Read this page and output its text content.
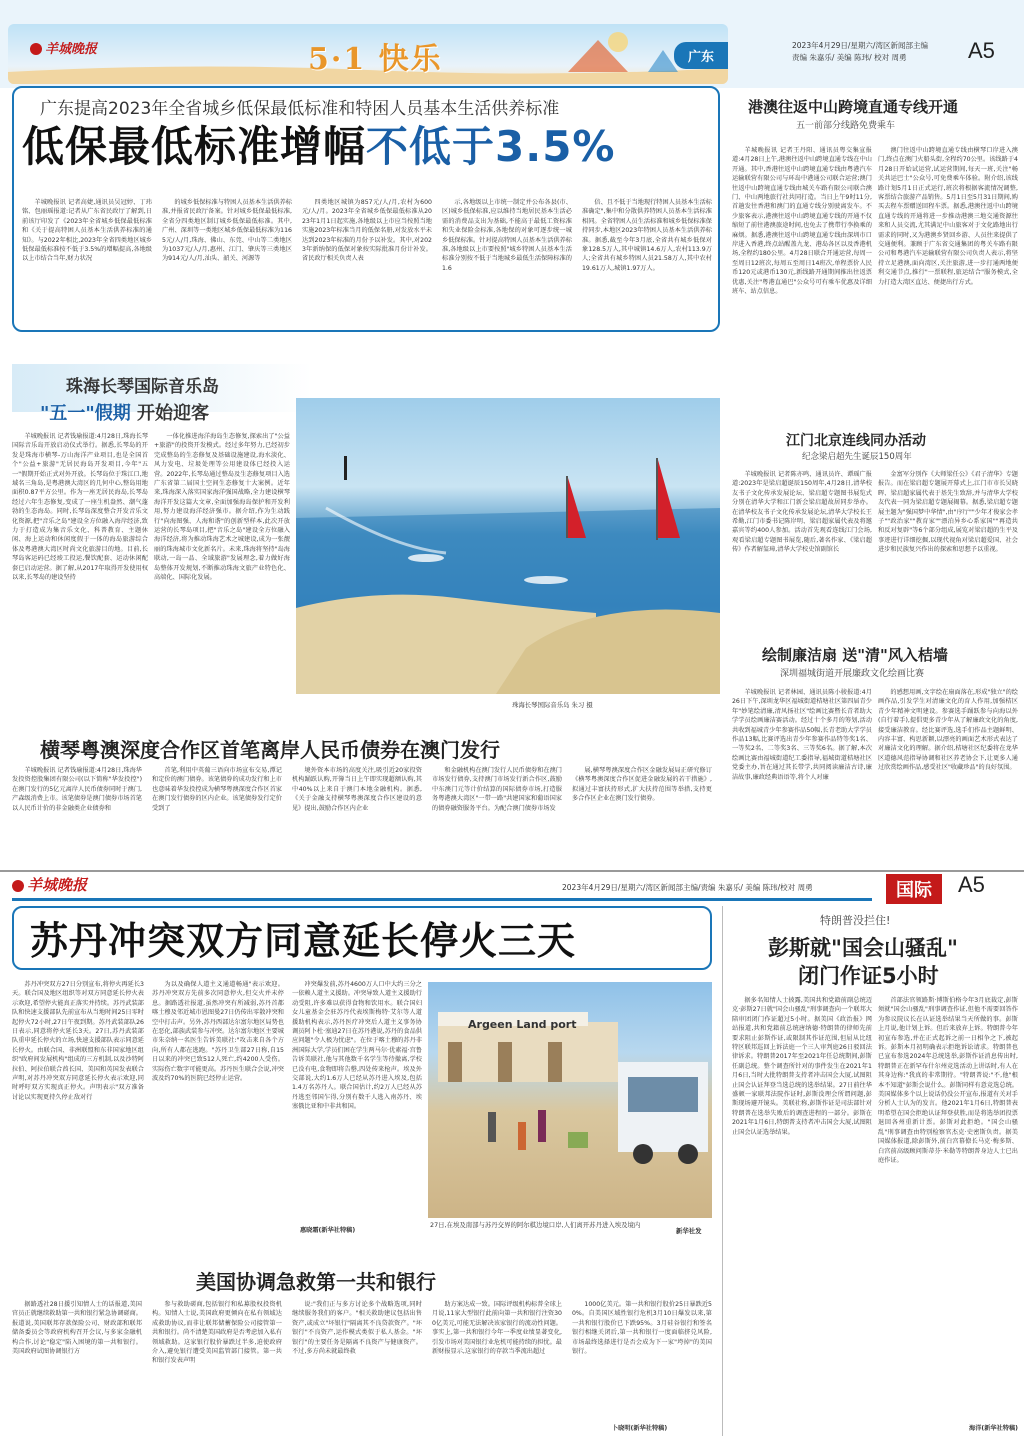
羊城晚报	5·1 快乐	广东
2023年4月29日/星期六/湾区新闻部主编
责编 朱嘉乐/ 美编 陈玮/ 校对 周勇	A5
广东提高2023年全省城乡低保最低标准和特困人员基本生活供养标准
低保最低标准增幅不低于3.5%

羊城晚报讯 记者高婕,通讯员吴冠婷、丁玮铭、包丽瑶报道:记者从广东省民政厅了解到,日前该厅印发了《2023年全省城乡低保最低标准和《关于提高特困人员基本生活供养标准的通知》。与2022年相比,2023年全省四类地区城乡低保最低标准按不低于3.5%的增幅提高,各地级以上市结合当年,财力状况

的城乡低保标准与特困人员基本生活供养标准,并报省民政厅备案。针对城乡低保最低标准,全省分四类地区制订城乡低保最低标准。其中,广州、深圳等一类地区城乡低保最低标准为1165元/人/月,珠海、佛山、东莞、中山等二类地区为1037元/人/月,惠州、江门、肇庆等三类地区为914元/人/月,汕头、韶关、河源等

四类地区城镇为857元/人/月,农村为600元/人/月。2023年全省城乡低保最低标准从2023年1月1日起实施,各地级以上市应当按照当地实施2023年标准当月的低保名册,对发放水平未达到2023年标准的月份予以补发。其中,对2023年新纳保的低保对象按实际批准月份计补发。省民政厅相关负责人表

示,各地级以上市统一制定并公布各县(市、区)城乡低保标准,应以维持当地居民基本生活必需的消费品支出为基础,不能高于最低工资标准和失业保险金标准,各地保的对象可逐步统一城乡低保标准。针对提高特困人员基本生活供养标准,各地级以上市要按照"城乡特困人员基本生活标准分别按不低于当地城乡最低生活保障标准的1.6

倍、且不低于当地现行特困人员基本生活标准确定",集中和分散供养特困人员基本生活标准相同。全省特困人员生活标准和城乡低保标准保持同步,本地区2023年特困人员基本生活供养标准。据悉,截至今年3月底,全省共有城乡低保对象128.5万人,其中城镇14.6万人,农村113.9万人;全省共有城乡特困人员21.58万人,其中农村19.61万人,城镇1.97万人。

珠海长琴国际音乐岛
"五一"假期 开始迎客

羊城晚报讯 记者钱瑜报道:4月28日,珠海长琴国际音乐岛开放启动仪式举行。据悉,长琴岛的开发是珠海市横琴-万山海洋产业项目,也是全国首个"公益+旅游"无居民海岛开发项目,今年"五一"假期开始正式对外开放。长琴岛位于珠江口,地域名三角岛,是粤港澳大湾区的几何中心,整岛用地面积0.87平方公里。作为一座无居民海岛,长琴岛经过六年生态修复,变成了一座生机盎然、潮气蓬勃的生态海岛。同时,长琴岛深度整合开发音乐文化资源,把"音乐之岛"建设全方位融入海岸经济,致力于打造成为集音乐文化、科普教育、主题休闲、海上运动和休闲度假于一体的海岛旅游综合体及粤港澳大湾区时尚文化旅游目的地。目前,长琴岛客运码已经竣工投运,餐饮配套、运动休闲配套已启动运营。据了解,从2017年取得开发使用权以来,长琴岛的建设坚持

一体化推进海洋海岛生态修复,探索出了"公益+旅游"的投资开发模式。经过多年努力,已经初步完成整岛的生态修复及基础设施建设,海水淡化、风力发电、垃圾处理等公用建设体已经投入运营。2022年,长琴岛通过整岛及生态修复项目入选广东省第二届国土空间生态修复十大案例。近年来,珠海深入落实国家海洋强国战略,全力建设横琴海洋开发这篇大文章,全面加强海岛保护和开发利用,努力建设海洋经济强市。据介绍,作为生动践行"向海图强、人海和谐"的创新型样本,此次开放运营的长琴岛项目,把"音乐之岛"建设全方位融入海洋经济,将为推动珠海艺术之城建设,成为一张靓丽的珠海城市文化新名片。未来,珠海将坚持"岛海联动,一岛一品、全域旅游"发展理念,着力做好海岛整体开发规划,不断推动珠海文旅产业特色化、高端化、国际化发展。

珠海长琴国际音乐岛 朱习 摄
横琴粤澳深度合作区首笔离岸人民币债券在澳门发行

羊城晚报讯 记者钱瑜报道:4月28日,珠海华发投资控股集团有限公司(以下简称"华发投控")在澳门发行的5亿元离岸人民币债券同时于澳门,产森级消费上市。该笔债券是澳门债券市场首笔以人民币计价的非金融类企业债券和

首笔,利用中英葡三语向市场宣布交易,潭记和定价的澳门债券。该笔债券的成功发行和上市也意味着华发投控成为横琴粤澳深度合作区首家在澳门发行债券的区内企业。该笔债券发行定价受到了

境外资本市场的高度关注,吸引近20家投资机构踊跃认购,开簿当日上午即实现超额认购,其中40%以上来自于澳门本地金融机构。据悉,《关于金融支持横琴粤澳深度合作区建设的意见》提出,鼓励合作区内企业

和金融机构在澳门发行人民币债券和在澳门市场发行债券,支持澳门市场发行新合作区,鼓励中东澳门元等计价结算的国际债券市场,打造服务粤港澳大湾区"一带一路"共建国家和葡语国家的债券融资服务平台。为配合澳门债券市场发

展,横琴粤澳深度合作区金融发展局正研究修订《横琴粤澳深度合作区促进金融发展的若干措施》,拟通过丰富扶持形式,扩大扶持范围等举措,支持更多合作区企业在澳门发行债券。

港澳往返中山跨境直通专线开通
五一前部分线路免费乘车

羊城晚报讯 记者王丹阳、通讯员粤交集宣报道:4月28日上午,港澳往返中山跨境直通专线在中山开通。其中,香港往返中山跨境直通专线由粤港汽车运输联营有限公司与环岛中港通公司联合运营;澳门往返中山跨境直通专线由城关车路有限公司联合澳门、中山两地旅行社共同打造。当日上午9时11分,首趟发往香港和澳门的直通专线分别驶离发车。不少旅客表示,港澳往返中山跨境直通专线的开通不仅缩短了前往港澳旅途时间,也免去了携带行李换乘的麻烦。据悉,港澳往返中山跨境直通专线由深圳市口岸进入香港,终点站醒盖九龙、港岛各区以及香港机场,全程约180公里。4月28日联合开通运营,每周一至周日12班次,每周五至周日14班次,单程票价人民币120元或港币130元,新线路开通期间推出往返票优惠,关注"粤港直通巴"公众号可有乘车优惠及详细班车、站点信息。

澳门往返中山跨境直通专线由横琴口岸进入澳门,终点在澳门火船头街,全程约70公里。该线路于4月28日开始试运营,试运营期间,每天一班,关注"畅关共运巴士"公众号,可免费乘车体验。附介绍,该线路计划5月1日正式运行,班次将根据客流情况调整,客票结合旅游产品销售。5月1日至5月31日期间,购买去程车票赠送回程车票。据悉,港澳往返中山跨境直通专线的开通将进一步推动港澳三地交通资源往来和人员交流,尤其满足中山旅客对于文化路地出行需求的同时,又为港澳乡贤回乡游、人员往来提供了交通便利。兼顾于广东省交通集团的粤关车路有限公司和粤港汽车运输联营有限公司负责人表示,将坚持立足港澳,面向湾区,关注旅游,进一步打通两地便利交通节点,推行"一票联程,旅运结合"服务模式,全力打造大湾区直达、便捷出行方式。

江门北京连线同办活动
纪念梁启超先生诞辰150周年

羊城晚报讯 记者陈亦鸣、通讯员许、谭瑶广报道:2023年是梁启超诞辰150周年,4月28日,清华校友书子文化传承发展论坛、梁启超专题图书展览式分别在清华大学和江门新会梁启超故居同步举办。在清华校友书子文化传承发展论坛,清华大学校长王希勤,江门市委书记陈岸明、梁启超家属代表及将邀嘉宾等约400人参加。活动首先观看连线江门会场,观看梁启超专题图书展览,随后,著名作家、《梁启超传》作者解玺璋,清华大学校史馆副馆长

金富军分别作《大师梁任公》《君子清华》专题报告。而在梁启超专题展开幕式上,江门市市长吴晓晖、梁启超家属代表于基先生致辞,并与清华大学校友代表一同为梁启超专题展揭幕。据悉,梁启超专题展主题为"强国梦中华情",由"序厅""少年才俊家会孝子""政治家""教育家""漂泊异乡心系家国""再造共和反对复辟"等6个部分组成,展览对梁启超的生平及事迹进行详细挖掘,以现代视角对梁启超爱国、社会进步和民族复兴作出的探索和思想予以重视。

绘制廉洁扇 送"清"风入桔墙
深圳福城街道开展廉政文化绘画比赛

羊城晚报讯 记者林园、通讯员陈小骏报道:4月26日下午,深圳龙华区福城街道桔塘社区第四届青少年"妙笔绘清廉,清风扬社区"绘画比赛暨长青者助大学学员绘画廉洁赛活动。经过十个多月的筹划,活动共收到福城青少年参赛作品50幅,长青老助大学学员作品13幅,比赛评选出青少年参赛作品特等奖1名、一等奖2名、二等奖3名、三等奖6名。据了解,本次绘画比赛由福城街道纪工委指导,福城街道桔塘社区党委主办,旨在通过其长带学,共同阅读廉洁古诗,廉洁故事,廉政经典语语等,将个人对廉

的感想用画,文字绘在扇面落在,形成"独立"的绘画作品,引发学生对清廉文化的育人作用,加强桔区青少年精神文明建设。参赛选手踊跃参与向海以外(自行着手),提倡更多青少年从了解廉政文化的角度,接受廉洁教育。经比赛评选,选手们作品主题鲜明、内容丰富、构思新颖,以漂亮的画面艺术形式表达了对廉洁文化的理解。据介绍,桔塘社区纪委将在龙华区道德风范指导协调和社区养老协会下,让更多人通过欣赏绘画作品,感受社区"收藏珍品"的良好氛围。

羊城晚报	2023年4月29日/星期六/湾区新闻部主编/责编 朱嘉乐/ 美编 陈玮/校对 周勇	国际	A5
苏丹冲突双方同意延长停火三天

苏丹冲突双方27日分别宣布,将停火再延长3天。联合国及地区组织等对双方同意延长停火表示欢迎,希望停火能真正落实并持续。苏丹武装部队和快速支援部队先前宣布从当地时间25日零时起停火72小时,27日午夜到期。苏丹武装部队26日表示,同意将停火延长3天。27日,苏丹武装部队重申延长停火的立场,快速支援部队表示同意延长停火。由联合国、非洲联盟和东非国家地区组织"政府间发展机构"组成的三方机制,以及沙特阿拉伯、阿拉伯联合酋长国、美国和英国发表联合声明,对苏丹冲突双方同意延长停火表示欢迎,同时呼吁双方实现真正停火。声明表示"双方准备讨论以实现更持久停止敌对行

为以及确保人道主义通道畅通"表示欢迎。苏丹冲突双方先前多次同意停火,但交火并未停息。据路透社报道,虽然冲突有所减弱,苏丹首都喀土穆及邻近城市恩图曼27日仍传出零散冲突和空中打击声。另外,苏丹西部达尔富尔地区局势也在恶化,部族武装参与冲突。达尔富尔地区主要城市朱奈纳一名医生告诉美联社:"攻击来自各个方向,所有人都在逃跑。"苏丹卫生部27日称,自15日以来的冲突已致512人死亡,约4200人受伤。实际伤亡数字可能更高。苏丹医生联合会说,冲突波及约70%的医院已经停止运营。

冲突爆发前,苏丹4600万人口中大约三分之一依赖人道主义援助。冲突导致人道主义援助行动受阻,许多难以获得食物和饮用水。联合国妇女儿童基金会驻苏丹代表埃斯梅特·艾尔等人道援助机构表示,苏丹医疗冲突后人道主义事务协调员阿卜杜·塞迪27日在苏丹港说,苏丹的食品供应问题"令人极为忧虑"。在位于喀土穆的苏丹非洲国际大学,学员们困在学生两马尔·优素福·宫鲁告诉美联社,他与其他数千名学生等待撤离,学校已没有电,食物即将告罄,四处传来枪声。埃及外交部说,大约1.6万人已经从苏丹进入埃及,包括1.4万名苏丹人。联合国估计,约2万人已经从苏丹逃至邻国乍得,分别有数千人逃入南苏丹、埃塞俄比亚和中非共和国。

惠晓霜(新华社特稿)
Argeen Land port
27日,在埃及南部与苏丹交界的阿尔棋边境口岸,人们离开苏丹进入埃及境内
新华社发
美国协调急救第一共和银行

据路透社28日援引知情人士的话报道,美国官员正就继续救助第一共和银行紧急协调磋商。报道说,美国联邦存款保险公司、财政部和联邦储备委员会等政府机构召开会议,与多家金融机构合作,讨论"稳定"陷入困境的第一共和银行。美国政府试图协调银行方

参与救助磋商,包括银行和私募股权投资机构。知情人士说,美国政府更倾向在私有领域达成救助协议,而非让联邦储蓄保险公司接管第一共和银行。尚不清楚美国政府是否考虑加入私有领域救助。这家银行股价暴跌过半多,迫使政府介入,避免银行遭受美国监管部门接管。第一共和银行发表声明

说:"我们正与多方讨论多个战略选项,同时继续服务我们的客户。"相关救助建议包括出售资产,或成立"坏银行"隔离其不良贷款资产。"坏银行"不良资产,运作模式类似于私人基金。"坏银行"的主要任务是隔离不良资产与健康资产。不过,多方尚未就最终救

助方案达成一致。国际评级机构标普全球上月说,11家大型银行此前向第一共和银行注资300亿美元,可能无法解决该家银行的流动性问题。事实上,第一共和银行今年一季度业绩显著变化,引发市场对美国银行业危机可能持续的担忧。最新财报显示,这家银行的存款当季流出超过

1000亿美元。第一共和银行股价25日暴跌近50%。自美国区域性银行危机3月10日爆发以来,第一共和银行股价已下跌95%。3月硅谷银行和签名银行相继关闭后,第一共和银行一度面临挤兑风险,市场最终选择进行是否会成为下一家"垮掉"的美国银行。

卜晓明(新华社特稿)
特朗普没拦住!
彭斯就"国会山骚乱"
闭门作证5小时

据多名知情人士披露,美国共和党籍前副总统迈克·彭斯27日就"国会山骚乱"刑事调查向一个联邦大陪审团闭门作证超过5小时。据美国《政治报》网站报道,共和党籍前总统唐纳德·特朗普的律师先前要求阻止彭斯作证,或限制其作证范围,但屈从比纽特区联邦巡回上诉法庭一个三人审判庭26日驳回法律诉求。特朗普2017年至2021年任总统期间,彭斯任副总统。整个调查所针对的事件发生在2021年1月6日,当时大批特朗普支持者冲击国会大厦,试图阻止国会认证拜登当选总统的选举结果。27日前往华盛顿一家联邦法院作证时,彭斯没理会所谓问题,彭斯现场避开镜头。美联社称,彭斯作证是司法部针对特朗普在选举失败后的调查进程的一部分。彭斯在2021年1月6日,特朗普支持者冲击国会大厦,试图阻止国会认证选举结果。

首部法官领路斯·博斯伯格今年3月底裁定,彭斯须就"国会山骚乱"刑事调查作证,但他不需要回答作为参议院议长在认证选举结果当天所做的事。彭斯上月说,他计划上诉。但后来放弃上诉。特朗普今年初宣布参选,并在正式起诉之前一日相争之下,被起诉。彭斯本月初明确表示拒绝诉讼请求。特朗普也已宣布参选2024年总统选举,彭斯作证消息传出时,特朗普正在新罕布什尔州竞选活动上讲话时,有人在其身边称:"我真的非常期待。"特朗普说:"不,他"根本不知道"彭斯会说什么。彭斯同样有意竞选总统。美国媒体多个以上说话仍没公开宣布,报道有关对手分析人士认为的发言。他2021年1月6日,特朗普表明希望在国会拒绝认证拜登获胜,而是将选举团投票退回各州重新计票。彭斯对此拒绝。"国会山骚乱"刑事调查由特别检察官杰克·史密斯负责。据美国媒体报道,除彭斯外,前白宫幕僚长马克·梅多斯、白宫前高级顾问斯蒂芬·米勒等特朗普身边人士已出庭作证。

海洋(新华社特稿)
